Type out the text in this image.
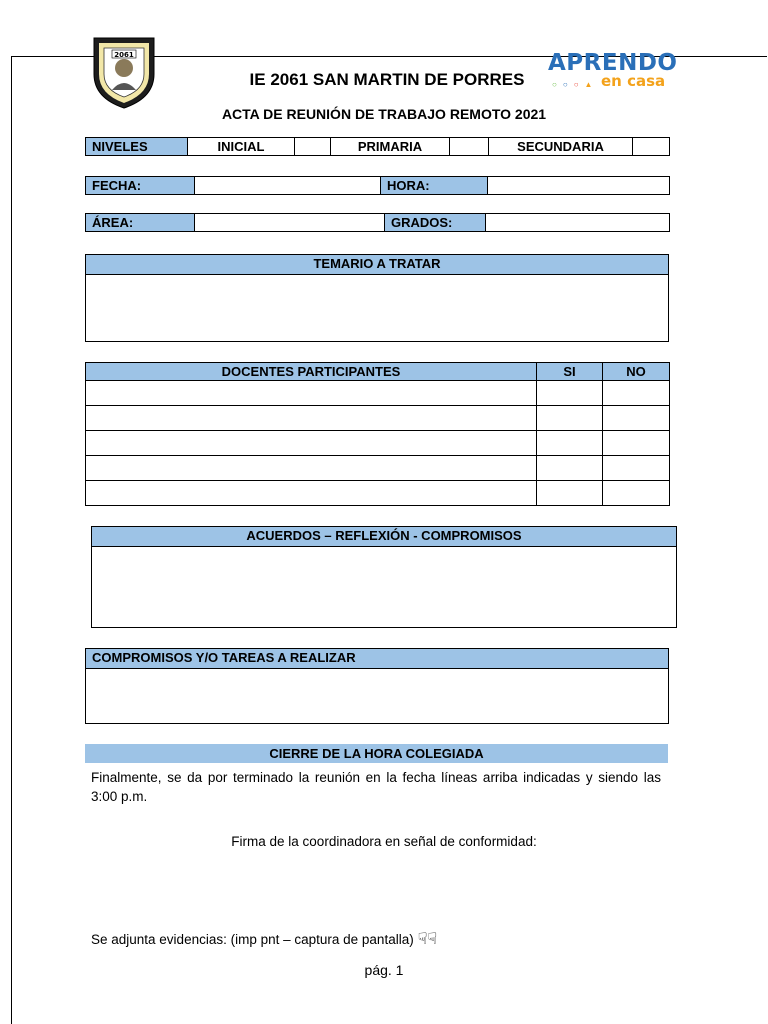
2061	APRENDO
en casa
○○○▲
IE 2061 SAN MARTIN DE PORRES
ACTA DE REUNIÓN DE TRABAJO REMOTO 2021
NIVELES	INICIAL		PRIMARIA		SECUNDARIA	
FECHA:		HORA:	
ÁREA:		GRADOS:	
TEMARIO A TRATAR
DOCENTES PARTICIPANTES	SI	NO

ACUERDOS – REFLEXIÓN - COMPROMISOS
COMPROMISOS Y/O TAREAS A REALIZAR
CIERRE DE LA HORA COLEGIADA
Finalmente, se da por terminado la reunión en la fecha líneas arriba indicadas y siendo las 3:00 p.m.
Firma de la coordinadora en señal de conformidad:
Se adjunta evidencias: (imp pnt – captura de pantalla) ☟☟
pág. 1
